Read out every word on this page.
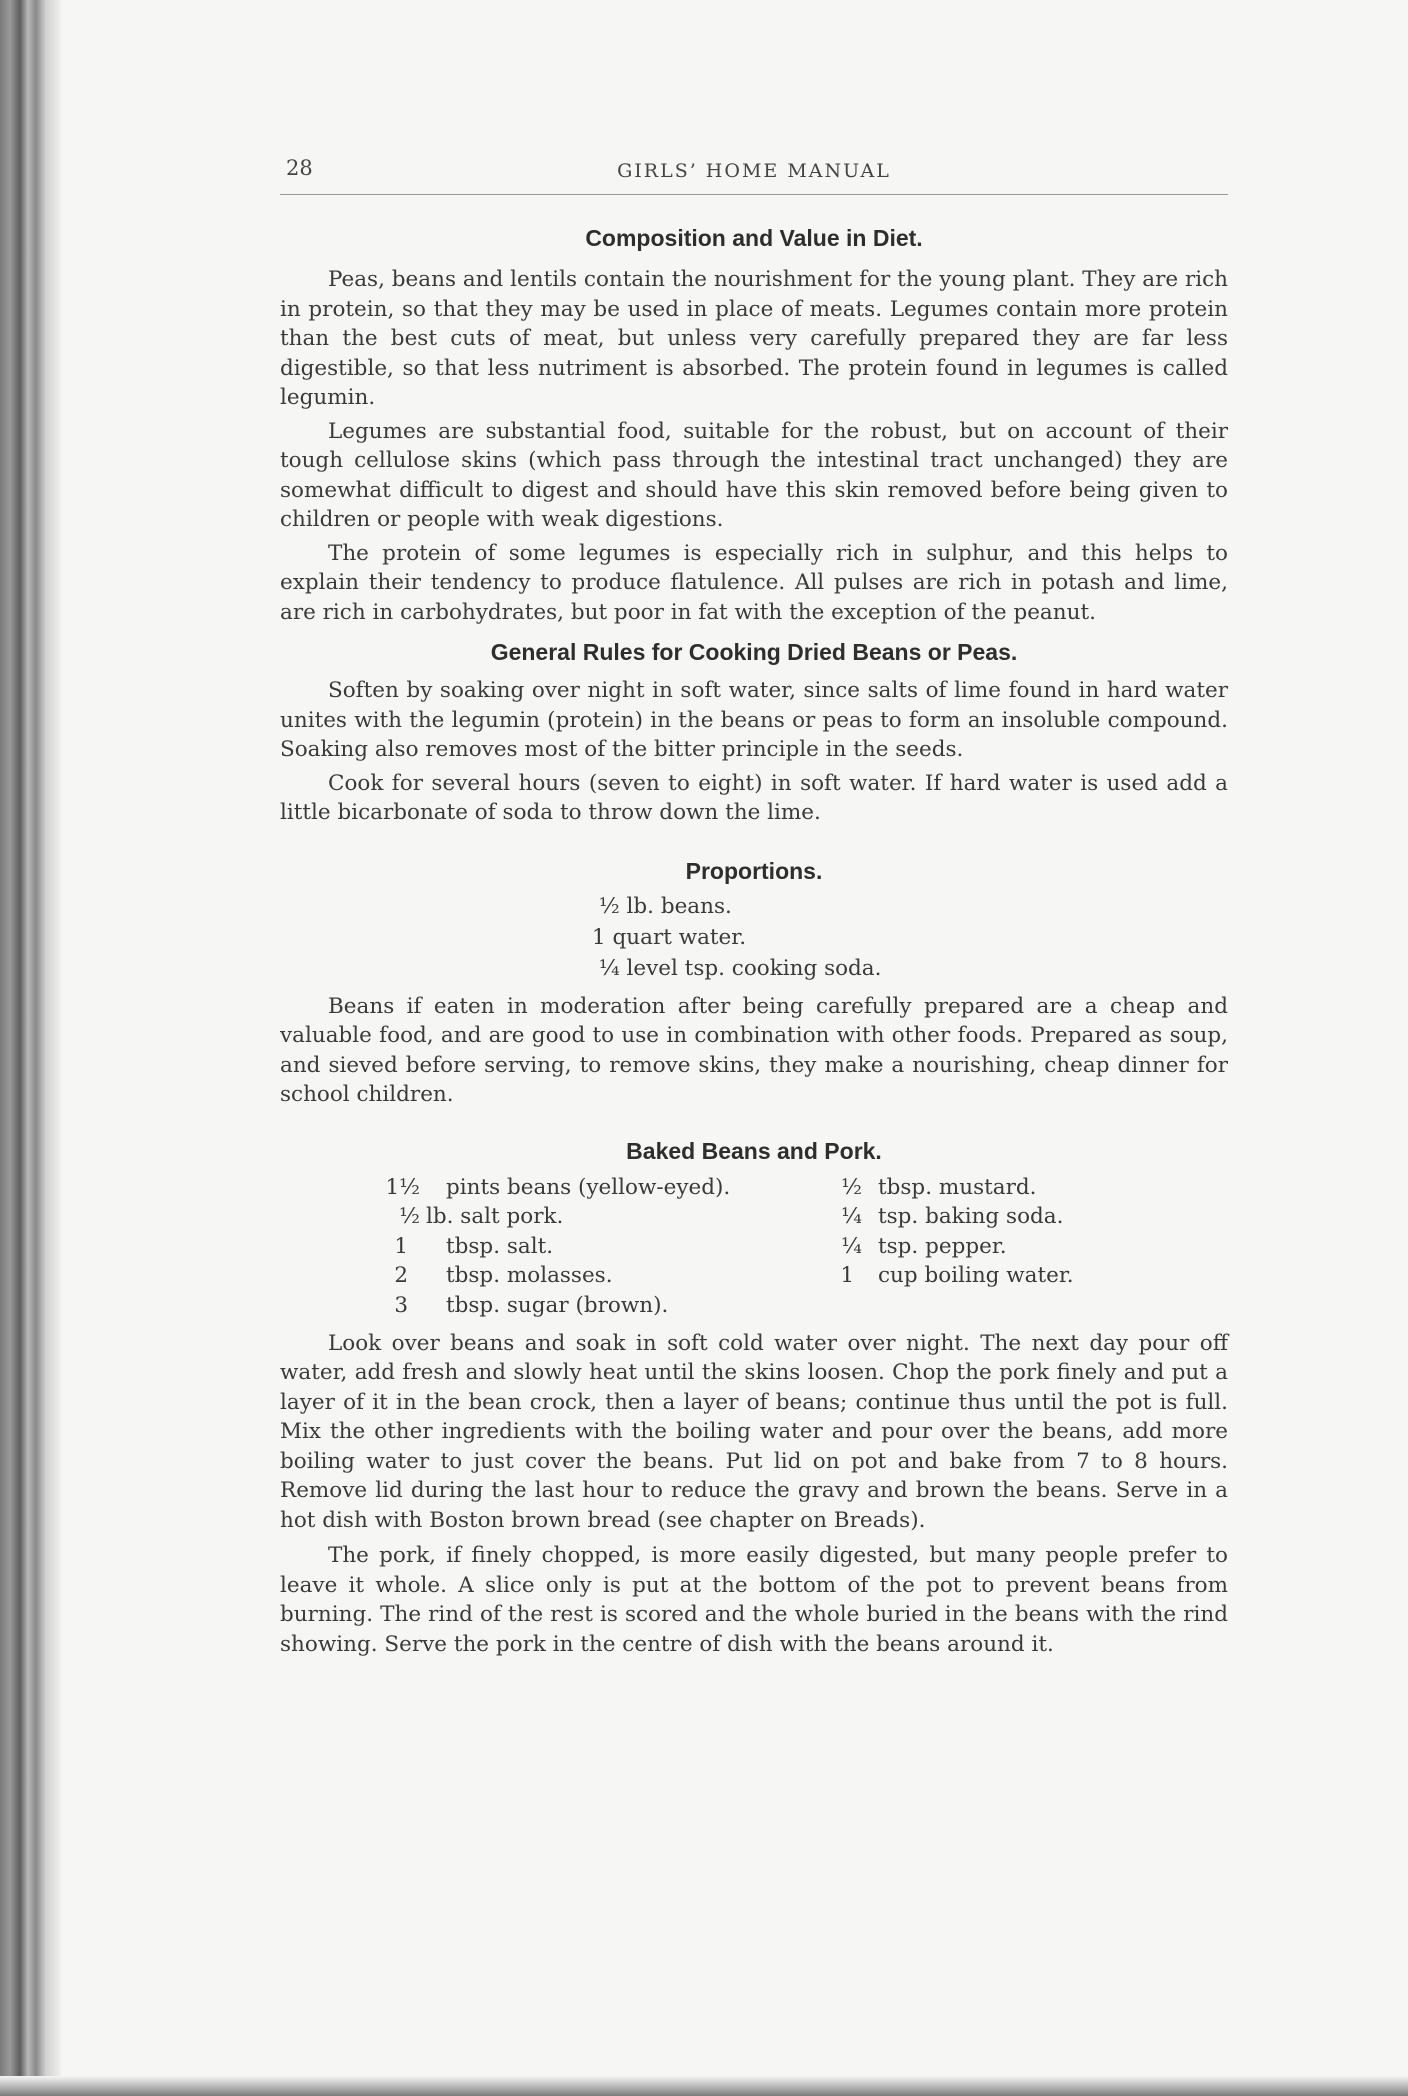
28	GIRLS’ HOME MANUAL
Composition and Value in Diet.

Peas, beans and lentils contain the nourishment for the young plant. They are rich in protein, so that they may be used in place of meats. Legumes contain more protein than the best cuts of meat, but unless very carefully prepared they are far less digestible, so that less nutriment is absorbed. The protein found in legumes is called legumin.

Legumes are substantial food, suitable for the robust, but on account of their tough cellulose skins (which pass through the intestinal tract unchanged) they are somewhat difficult to digest and should have this skin removed before being given to children or people with weak digestions.

The protein of some legumes is especially rich in sulphur, and this helps to explain their tendency to produce flatulence. All pulses are rich in potash and lime, are rich in carbohydrates, but poor in fat with the exception of the peanut.

General Rules for Cooking Dried Beans or Peas.

Soften by soaking over night in soft water, since salts of lime found in hard water unites with the legumin (protein) in the beans or peas to form an insoluble compound. Soaking also removes most of the bitter principle in the seeds.

Cook for several hours (seven to eight) in soft water. If hard water is used add a little bicarbonate of soda to throw down the lime.

Proportions.
½ lb. beans.
1 quart water.
¼ level tsp. cooking soda.

Beans if eaten in moderation after being carefully prepared are a cheap and valuable food, and are good to use in combination with other foods. Prepared as soup, and sieved before serving, to remove skins, they make a nourishing, cheap dinner for school children.

Baked Beans and Pork.
1½ pints beans (yellow-eyed).
½ lb. salt pork.
1 tbsp. salt.
2 tbsp. molasses.
3 tbsp. sugar (brown).
½ tbsp. mustard.
¼ tsp. baking soda.
¼ tsp. pepper.
1 cup boiling water.

Look over beans and soak in soft cold water over night. The next day pour off water, add fresh and slowly heat until the skins loosen. Chop the pork finely and put a layer of it in the bean crock, then a layer of beans; continue thus until the pot is full. Mix the other ingredients with the boiling water and pour over the beans, add more boiling water to just cover the beans. Put lid on pot and bake from 7 to 8 hours. Remove lid during the last hour to reduce the gravy and brown the beans. Serve in a hot dish with Boston brown bread (see chapter on Breads).

The pork, if finely chopped, is more easily digested, but many people prefer to leave it whole. A slice only is put at the bottom of the pot to prevent beans from burning. The rind of the rest is scored and the whole buried in the beans with the rind showing. Serve the pork in the centre of dish with the beans around it.
